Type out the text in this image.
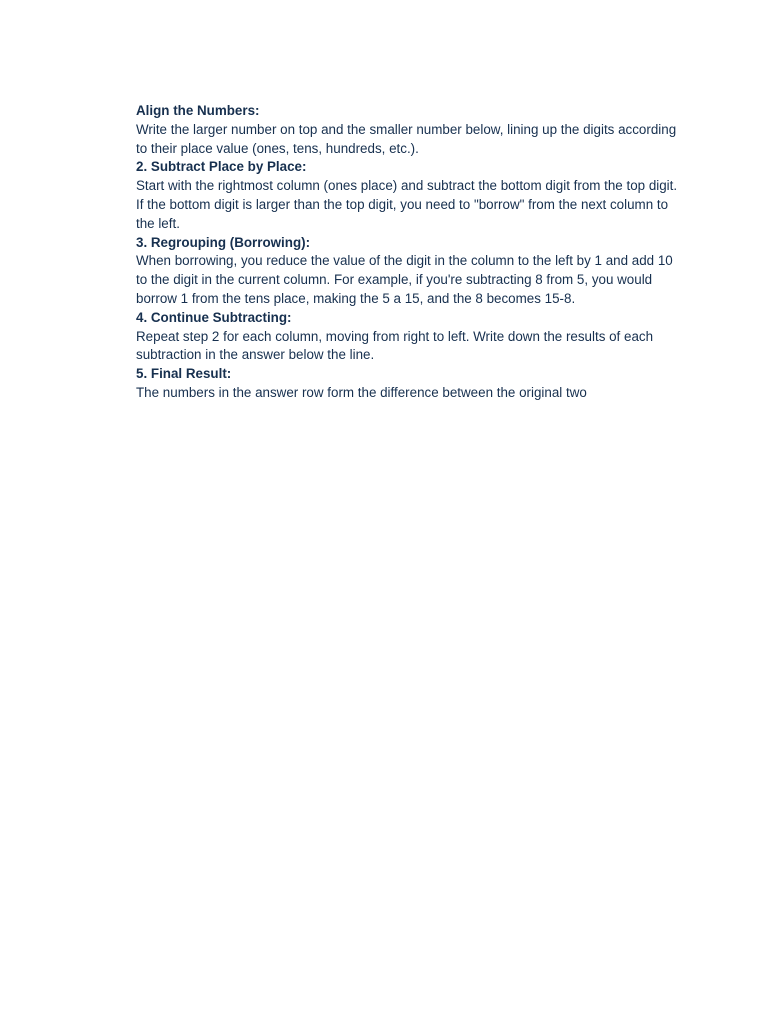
Align the Numbers:

Write the larger number on top and the smaller number below, lining up the digits according to their place value (ones, tens, hundreds, etc.).

2. Subtract Place by Place:

Start with the rightmost column (ones place) and subtract the bottom digit from the top digit. If the bottom digit is larger than the top digit, you need to "borrow" from the next column to the left.

3. Regrouping (Borrowing):

When borrowing, you reduce the value of the digit in the column to the left by 1 and add 10 to the digit in the current column. For example, if you're subtracting 8 from 5, you would borrow 1 from the tens place, making the 5 a 15, and the 8 becomes 15-8.

4. Continue Subtracting:

Repeat step 2 for each column, moving from right to left. Write down the results of each subtraction in the answer below the line.

5. Final Result:

The numbers in the answer row form the difference between the original two
